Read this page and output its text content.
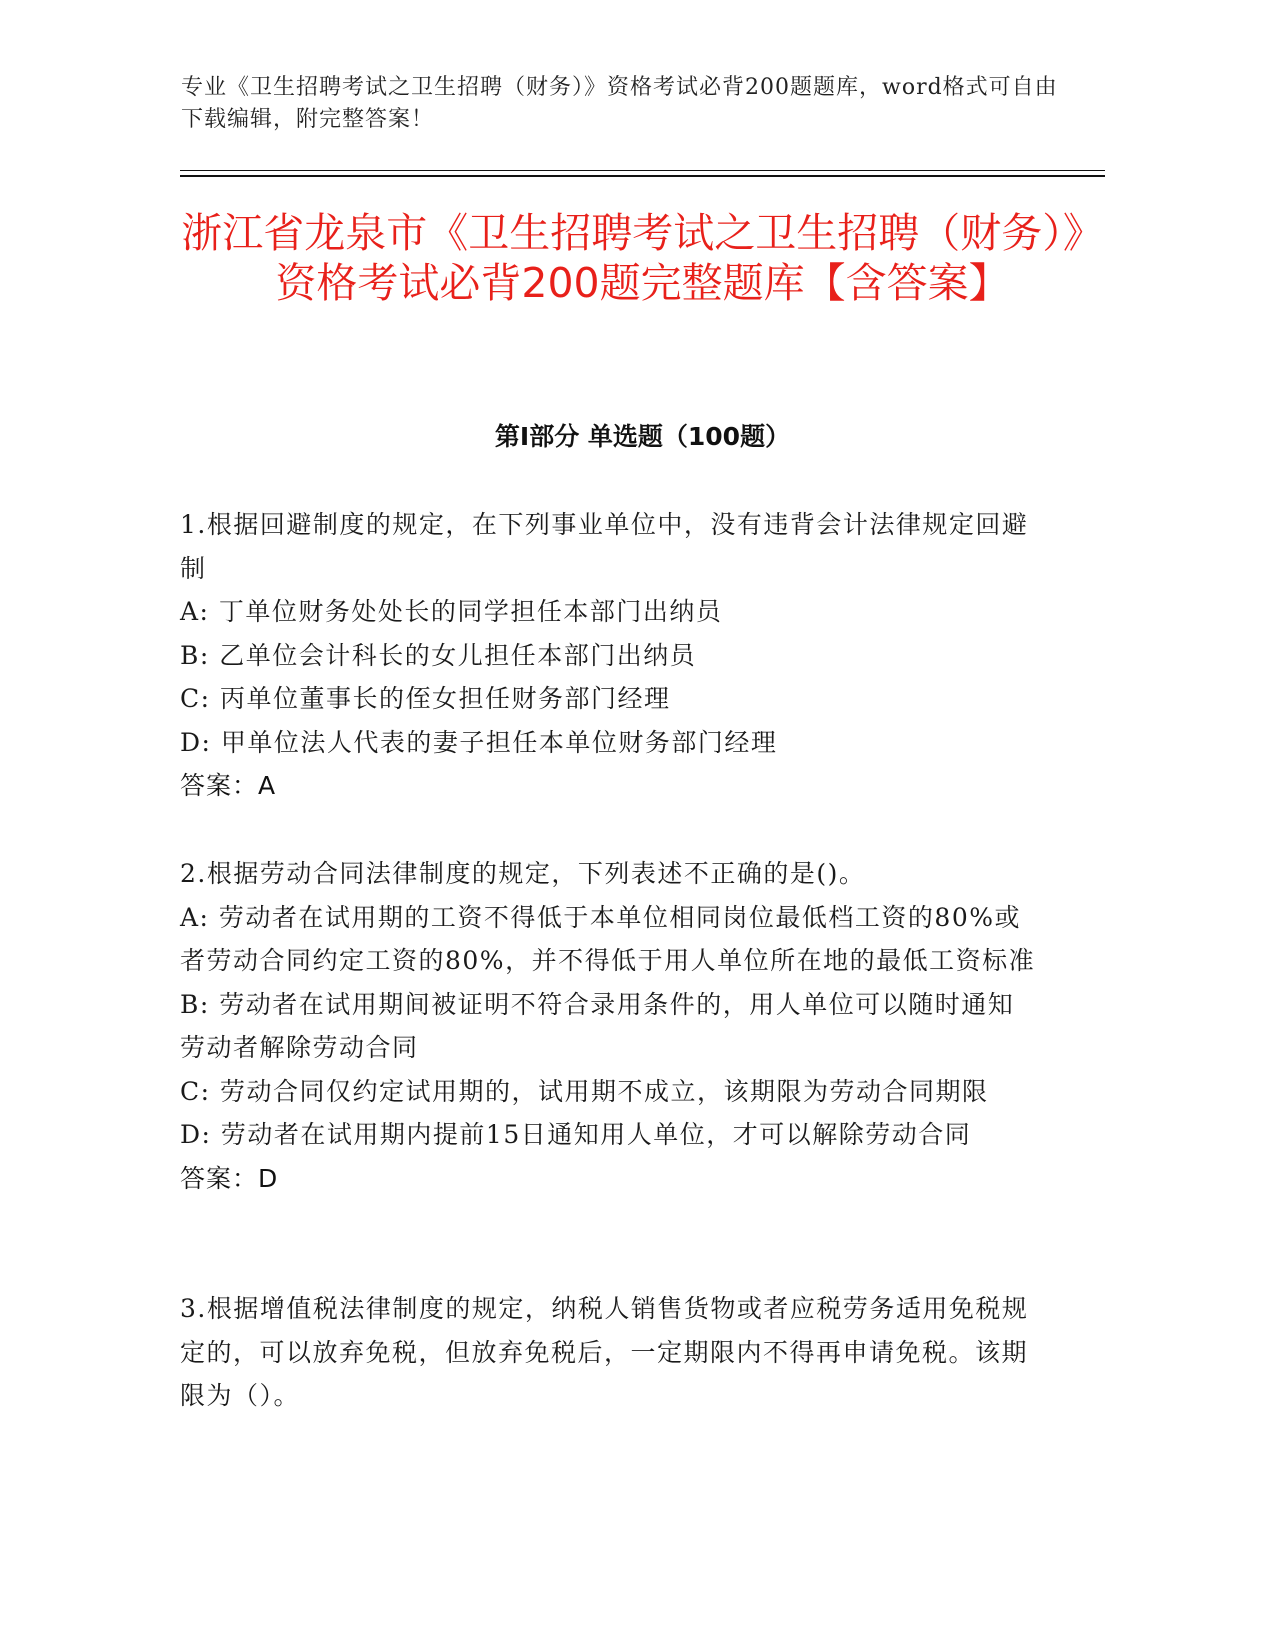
专业《卫生招聘考试之卫生招聘（财务）》资格考试必背200题题库，word格式可自由下载编辑，附完整答案！
浙江省龙泉市《卫生招聘考试之卫生招聘（财务）》资格考试必背200题完整题库【含答案】
第I部分 单选题（100题）

1.根据回避制度的规定，在下列事业单位中，没有违背会计法律规定回避制

A: 丁单位财务处处长的同学担任本部门出纳员

B: 乙单位会计科长的女儿担任本部门出纳员

C: 丙单位董事长的侄女担任财务部门经理

D: 甲单位法人代表的妻子担任本单位财务部门经理

答案：A

2.根据劳动合同法律制度的规定，下列表述不正确的是()。

A: 劳动者在试用期的工资不得低于本单位相同岗位最低档工资的80%或者劳动合同约定工资的80%，并不得低于用人单位所在地的最低工资标准

B: 劳动者在试用期间被证明不符合录用条件的，用人单位可以随时通知劳动者解除劳动合同

C: 劳动合同仅约定试用期的，试用期不成立，该期限为劳动合同期限

D: 劳动者在试用期内提前15日通知用人单位，才可以解除劳动合同

答案：D

3.根据增值税法律制度的规定，纳税人销售货物或者应税劳务适用免税规定的，可以放弃免税，但放弃免税后，一定期限内不得再申请免税。该期限为（）。
